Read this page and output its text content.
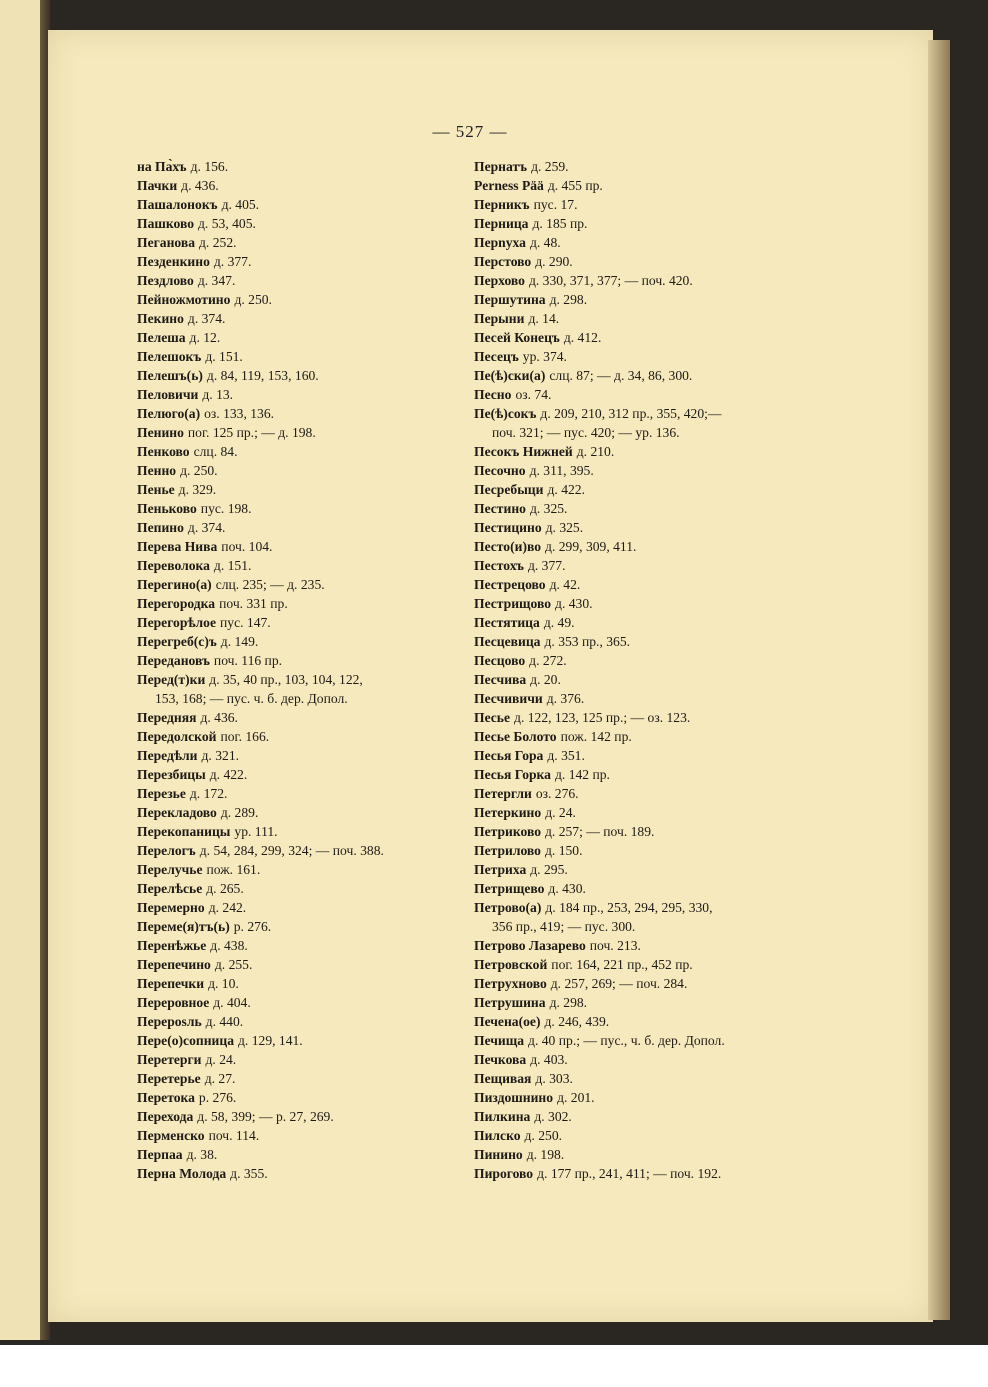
— 527 —
на Па̀хъ д. 156.
Пачки д. 436.
Пашалонокъ д. 405.
Пашково д. 53, 405.
Пеганова д. 252.
Пезденкино д. 377.
Пездлово д. 347.
Пейножмотино д. 250.
Пекино д. 374.
Пелеша д. 12.
Пелешокъ д. 151.
Пелешъ(ь) д. 84, 119, 153, 160.
Пеловичи д. 13.
Пелюго(а) оз. 133, 136.
Пенино пог. 125 пр.; — д. 198.
Пенково слц. 84.
Пенно д. 250.
Пенье д. 329.
Пеньково пус. 198.
Пепино д. 374.
Перева Нива поч. 104.
Переволока д. 151.
Перегино(а) слц. 235; — д. 235.
Перегородка поч. 331 пр.
Перегорѣлое пус. 147.
Перегреб(с)ъ д. 149.
Передановъ поч. 116 пр.
Перед(т)ки д. 35, 40 пр., 103, 104, 122,
153, 168; — пус. ч. б. дер. Допол.
Передняя д. 436.
Передолской пог. 166.
Передѣли д. 321.
Перезбицы д. 422.
Перезье д. 172.
Перекладово д. 289.
Перекопаницы ур. 111.
Перелогъ д. 54, 284, 299, 324; — поч. 388.
Перелучье пож. 161.
Перелѣсье д. 265.
Перемерно д. 242.
Переме(я)тъ(ь) р. 276.
Перенѣжье д. 438.
Перепечино д. 255.
Перепечки д. 10.
Переровное д. 404.
Перерosль д. 440.
Пере(о)сопница д. 129, 141.
Перетерги д. 24.
Перетерье д. 27.
Перетока р. 276.
Перехода д. 58, 399; — р. 27, 269.
Перменско поч. 114.
Перпаа д. 38.
Перна Молода д. 355.
Пернатъ д. 259.
Perness Pää д. 455 пр.
Перникъ пус. 17.
Перница д. 185 пр.
Перnyха д. 48.
Перстово д. 290.
Перхово д. 330, 371, 377; — поч. 420.
Першутина д. 298.
Перыни д. 14.
Песей Конецъ д. 412.
Песецъ ур. 374.
Пе(ѣ)ски(а) слц. 87; — д. 34, 86, 300.
Песно оз. 74.
Пе(ѣ)сокъ д. 209, 210, 312 пр., 355, 420;—
поч. 321; — пус. 420; — ур. 136.
Песокъ Нижней д. 210.
Песочно д. 311, 395.
Песребыци д. 422.
Пестино д. 325.
Пестицино д. 325.
Песто(и)во д. 299, 309, 411.
Пестохъ д. 377.
Пестрецово д. 42.
Пестрищово д. 430.
Пестятица д. 49.
Песцевица д. 353 пр., 365.
Песцово д. 272.
Песчива д. 20.
Песчивичи д. 376.
Песье д. 122, 123, 125 пр.; — оз. 123.
Песье Болото пож. 142 пр.
Песья Гора д. 351.
Песья Горка д. 142 пр.
Петергли оз. 276.
Петеркино д. 24.
Петриково д. 257; — поч. 189.
Петрилово д. 150.
Петриха д. 295.
Петрищево д. 430.
Петрово(а) д. 184 пр., 253, 294, 295, 330,
356 пр., 419; — пус. 300.
Петрово Лазарево поч. 213.
Петровской пог. 164, 221 пр., 452 пр.
Петрухново д. 257, 269; — поч. 284.
Петрушина д. 298.
Печена(ое) д. 246, 439.
Печища д. 40 пр.; — пус., ч. б. дер. Допол.
Печкова д. 403.
Пещивая д. 303.
Пиздошнино д. 201.
Пилкина д. 302.
Пилско д. 250.
Пинино д. 198.
Пирогово д. 177 пр., 241, 411; — поч. 192.
